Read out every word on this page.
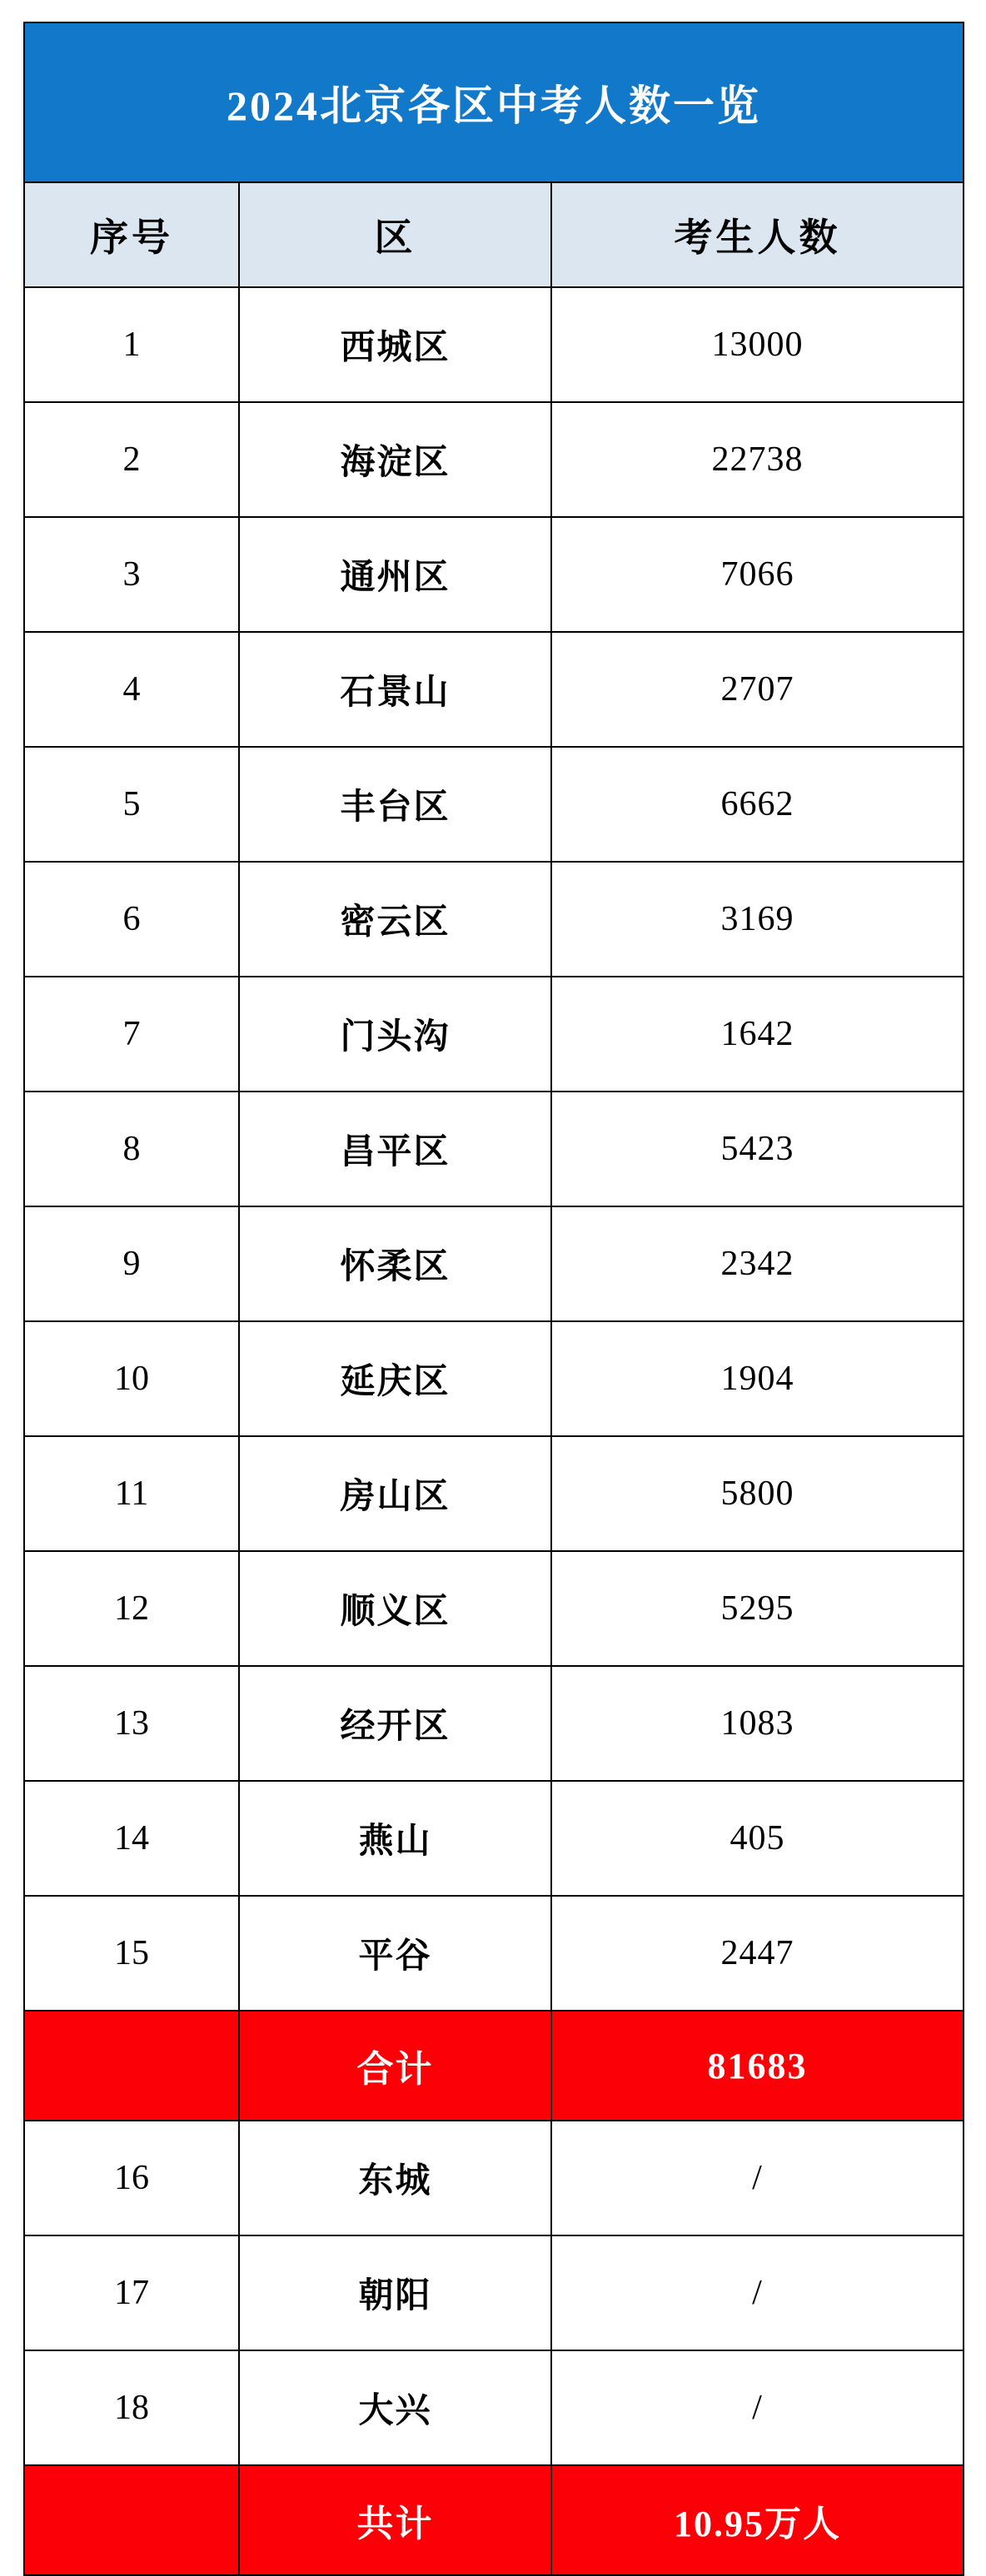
2024北京各区中考人数一览		
序号	区	考生人数
1	西城区	13000
2	海淀区	22738
3	通州区	7066
4	石景山	2707
5	丰台区	6662
6	密云区	3169
7	门头沟	1642
8	昌平区	5423
9	怀柔区	2342
10	延庆区	1904
11	房山区	5800
12	顺义区	5295
13	经开区	1083
14	燕山	405
15	平谷	2447
	合计	81683
16	东城	/
17	朝阳	/
18	大兴	/
	共计	10.95万人
